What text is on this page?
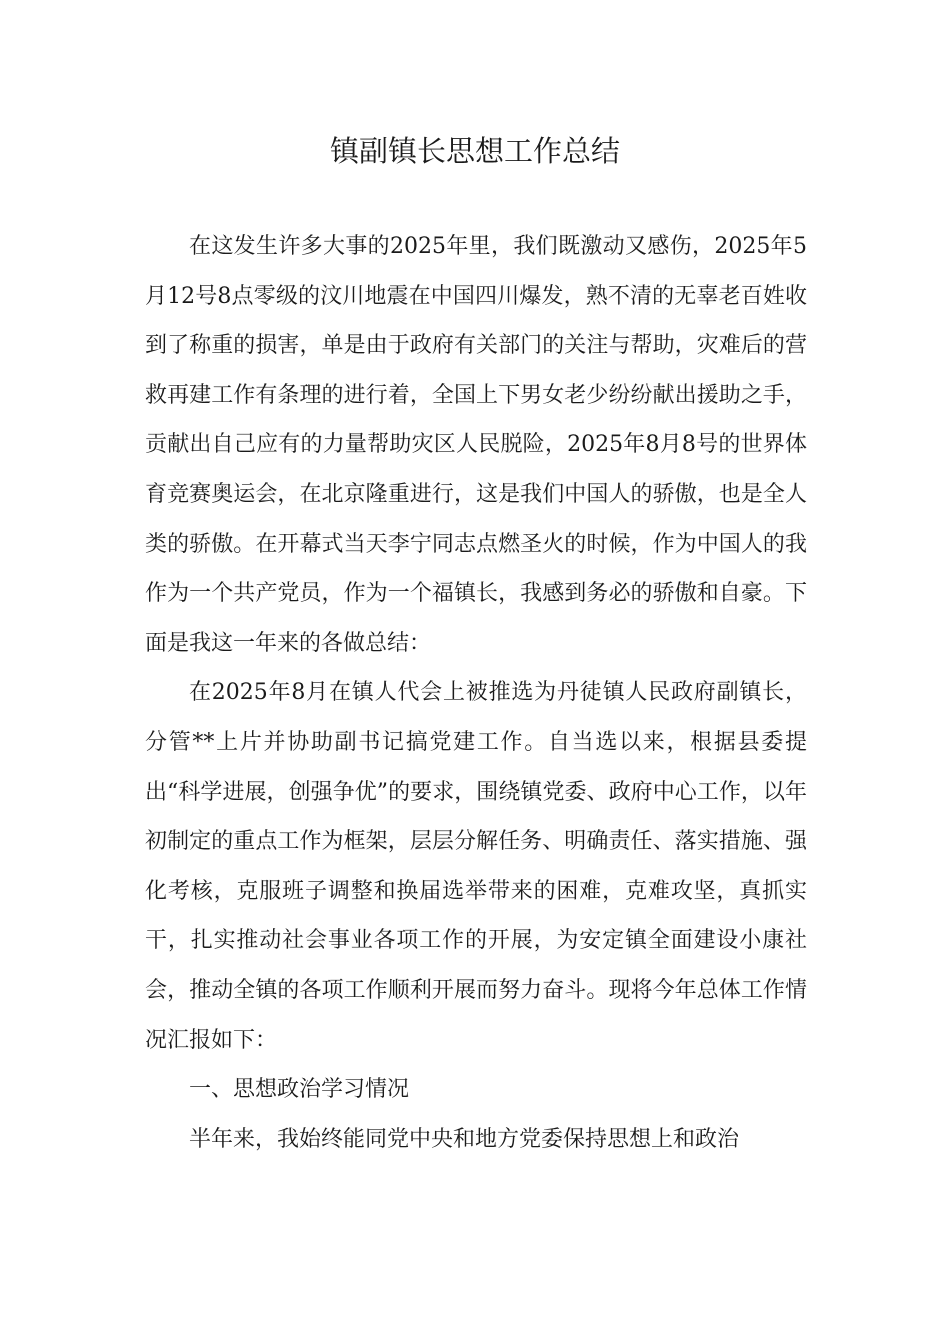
镇副镇长思想工作总结

在这发生许多大事的2025年里，我们既激动又感伤，2025年5月12号8点零级的汶川地震在中国四川爆发，熟不清的无辜老百姓收到了称重的损害，单是由于政府有关部门的关注与帮助，灾难后的营救再建工作有条理的进行着，全国上下男女老少纷纷献出援助之手，贡献出自己应有的力量帮助灾区人民脱险，2025年8月8号的世界体育竞赛奥运会，在北京隆重进行，这是我们中国人的骄傲，也是全人类的骄傲。在开幕式当天李宁同志点燃圣火的时候，作为中国人的我作为一个共产党员，作为一个福镇长，我感到务必的骄傲和自豪。下面是我这一年来的各做总结：

在2025年8月在镇人代会上被推选为丹徒镇人民政府副镇长，分管**上片并协助副书记搞党建工作。自当选以来，根据县委提出“科学进展，创强争优”的要求，围绕镇党委、政府中心工作，以年初制定的重点工作为框架，层层分解任务、明确责任、落实措施、强化考核，克服班子调整和换届选举带来的困难，克难攻坚，真抓实干，扎实推动社会事业各项工作的开展，为安定镇全面建设小康社会，推动全镇的各项工作顺利开展而努力奋斗。现将今年总体工作情况汇报如下：

一、思想政治学习情况

半年来，我始终能同党中央和地方党委保持思想上和政治
